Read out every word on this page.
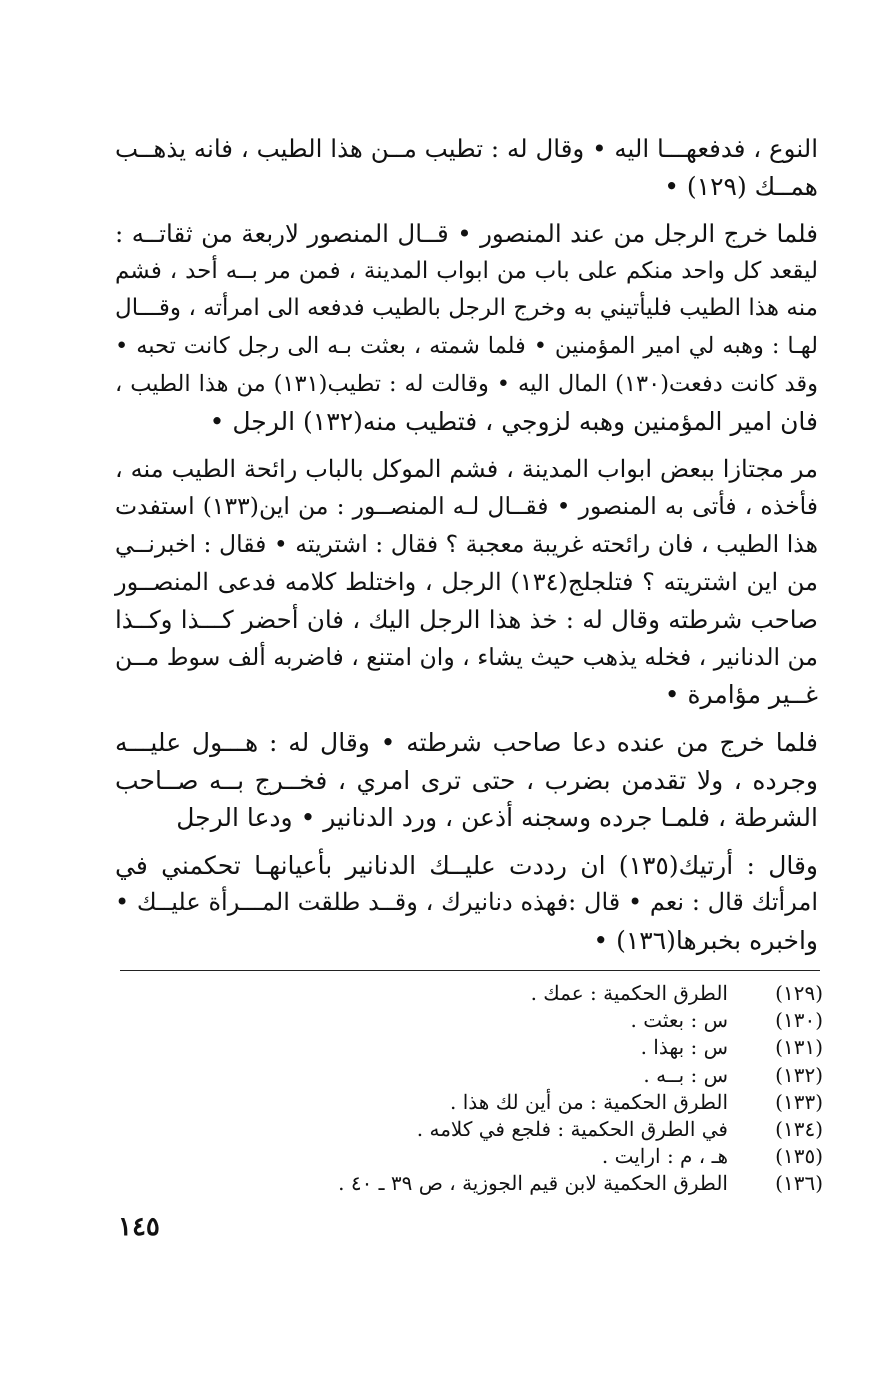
النوع ، فدفعهـــا اليه • وقال له : تطيب مــن هذا الطيب ، فانه يذهــب
همــك (١٢٩) •
فلما خرج الرجل من عند المنصور • قــال المنصور لاربعة من ثقاتــه :
ليقعد كل واحد منكم على باب من ابواب المدينة ، فمن مر بــه أحد ، فشم
منه هذا الطيب فليأتيني به وخرج الرجل بالطيب فدفعه الى امرأته ، وقـــال
لهـا : وهبه لي امير المؤمنين • فلما شمته ، بعثت بـه الى رجل كانت تحبه •
وقد كانت دفعت(١٣٠) المال اليه • وقالت له : تطيب(١٣١) من هذا الطيب ،
فان امير المؤمنين وهبه لزوجي ، فتطيب منه(١٣٢) الرجل •
مر مجتازا ببعض ابواب المدينة ، فشم الموكل بالباب رائحة الطيب منه ،
فأخذه ، فأتى به المنصور • فقــال لـه المنصــور : من اين(١٣٣) استفدت
هذا الطيب ، فان رائحته غريبة معجبة ؟ فقال : اشتريته • فقال : اخبرنــي
من اين اشتريته ؟ فتلجلج(١٣٤) الرجل ، واختلط كلامه فدعى المنصــور
صاحب شرطته وقال له : خذ هذا الرجل اليك ، فان أحضر كـــذا وكــذا
من الدنانير ، فخله يذهب حيث يشاء ، وان امتنع ، فاضربه ألف سوط مــن
غــير مؤامرة •
فلما خرج من عنده دعا صاحب شرطته • وقال له : هـــول عليـــه
وجرده ، ولا تقدمن بضرب ، حتى ترى امري ، فخــرج بــه صــاحب
الشرطة ، فلمـا جرده وسجنه أذعن ، ورد الدنانير • ودعا الرجل
وقال : أرتيك(١٣٥) ان رددت عليــك الدنانير بأعيانهـا تحكمني في
امرأتك قال : نعم • قال :فهذه دنانيرك ، وقــد طلقت المـــرأة عليــك •
واخبره بخبرها(١٣٦) •
(١٢٩)
الطرق الحكمية : عمك .
(١٣٠)
س : بعثت .
(١٣١)
س : بهذا .
(١٣٢)
س : بــه .
(١٣٣)
الطرق الحكمية : من أين لك هذا .
(١٣٤)
في الطرق الحكمية : فلجع في كلامه .
(١٣٥)
هـ ، م : ارايت .
(١٣٦)
الطرق الحكمية لابن قيم الجوزية ، ص ٣٩ ـ ٤٠ .
١٤٥
